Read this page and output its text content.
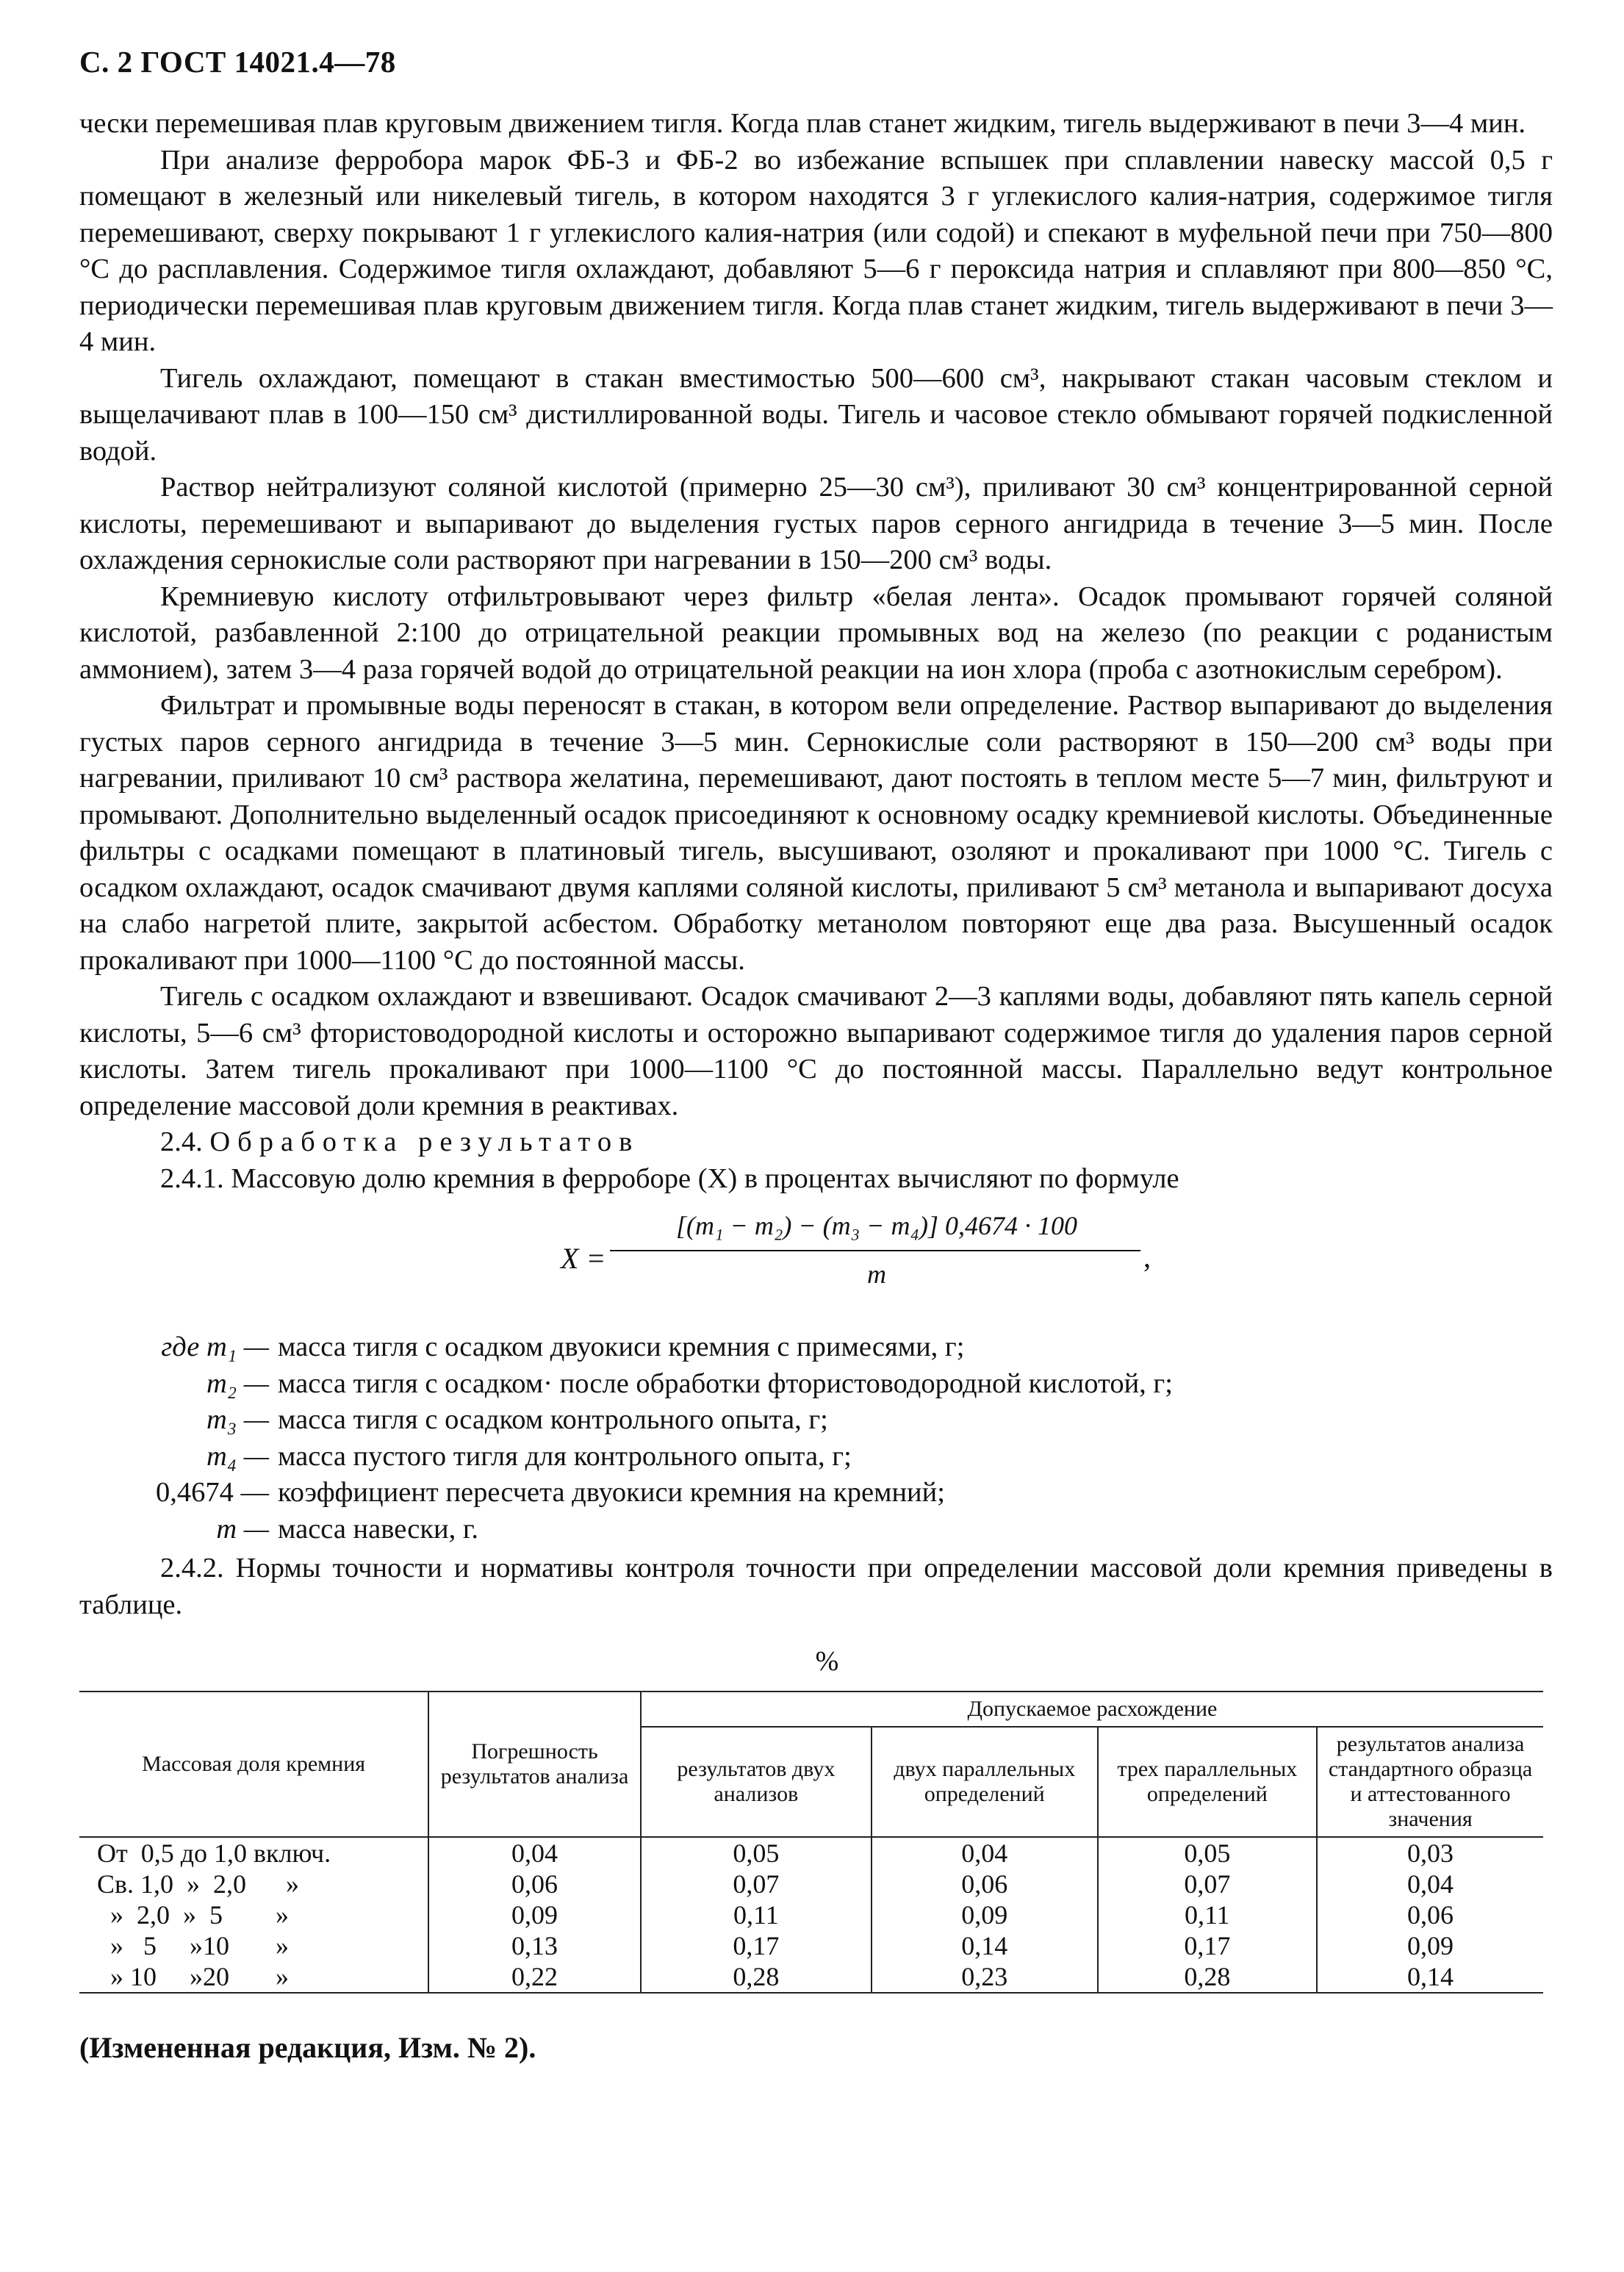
С. 2 ГОСТ 14021.4—78

чески перемешивая плав круговым движением тигля. Когда плав станет жидким, тигель выдерживают в печи 3—4 мин.

При анализе ферробора марок ФБ-3 и ФБ-2 во избежание вспышек при сплавлении навеску массой 0,5 г помещают в железный или никелевый тигель, в котором находятся 3 г углекислого калия-натрия, содержимое тигля перемешивают, сверху покрывают 1 г углекислого калия-натрия (или содой) и спекают в муфельной печи при 750—800 °С до расплавления. Содержимое тигля охлаждают, добавляют 5—6 г пероксида натрия и сплавляют при 800—850 °С, периодически перемешивая плав круговым движением тигля. Когда плав станет жидким, тигель выдерживают в печи 3—4 мин.

Тигель охлаждают, помещают в стакан вместимостью 500—600 см³, накрывают стакан часовым стеклом и выщелачивают плав в 100—150 см³ дистиллированной воды. Тигель и часовое стекло обмывают горячей подкисленной водой.

Раствор нейтрализуют соляной кислотой (примерно 25—30 см³), приливают 30 см³ концентрированной серной кислоты, перемешивают и выпаривают до выделения густых паров серного ангидрида в течение 3—5 мин. После охлаждения сернокислые соли растворяют при нагревании в 150—200 см³ воды.

Кремниевую кислоту отфильтровывают через фильтр «белая лента». Осадок промывают горячей соляной кислотой, разбавленной 2:100 до отрицательной реакции промывных вод на железо (по реакции с роданистым аммонием), затем 3—4 раза горячей водой до отрицательной реакции на ион хлора (проба с азотнокислым серебром).

Фильтрат и промывные воды переносят в стакан, в котором вели определение. Раствор выпаривают до выделения густых паров серного ангидрида в течение 3—5 мин. Сернокислые соли растворяют в 150—200 см³ воды при нагревании, приливают 10 см³ раствора желатина, перемешивают, дают постоять в теплом месте 5—7 мин, фильтруют и промывают. Дополнительно выделенный осадок присоединяют к основному осадку кремниевой кислоты. Объединенные фильтры с осадками помещают в платиновый тигель, высушивают, озоляют и прокаливают при 1000 °С. Тигель с осадком охлаждают, осадок смачивают двумя каплями соляной кислоты, приливают 5 см³ метанола и выпаривают досуха на слабо нагретой плите, закрытой асбестом. Обработку метанолом повторяют еще два раза. Высушенный осадок прокаливают при 1000—1100 °С до постоянной массы.

Тигель с осадком охлаждают и взвешивают. Осадок смачивают 2—3 каплями воды, добавляют пять капель серной кислоты, 5—6 см³ фтористоводородной кислоты и осторожно выпаривают содержимое тигля до удаления паров серной кислоты. Затем тигель прокаливают при 1000—1100 °С до постоянной массы. Параллельно ведут контрольное определение массовой доли кремния в реактивах.

2.4. Обработка результатов

2.4.1. Массовую долю кремния в ферроборе (X) в процентах вычисляют по формуле

X =
[(m₁ − m₂) − (m₃ − m₄)] 0,4674 · 100
m
,
где m₁ — масса тигля с осадком двуокиси кремния с примесями, г;
m₂ — масса тигля с осадком· после обработки фтористоводородной кислотой, г;
m₃ — масса тигля с осадком контрольного опыта, г;
m₄ — масса пустого тигля для контрольного опыта, г;
0,4674 — коэффициент пересчета двуокиси кремния на кремний;
m — масса навески, г.

2.4.2. Нормы точности и нормативы контроля точности при определении массовой доли кремния приведены в таблице.

%
Массовая доля кремния	Погрешность результатов анализа	Допускаемое расхождение			
		результатов двух анализов	двух параллельных определений	трех параллельных определений	результатов анализа стандартного образца и аттестованного значения
От  0,5 до 1,0 включ.	0,04	0,05	0,04	0,05	0,03
Св. 1,0  »  2,0      »	0,06	0,07	0,06	0,07	0,04
»  2,0  »  5        »	0,09	0,11	0,09	0,11	0,06
»   5     »10       »	0,13	0,17	0,14	0,17	0,09
» 10     »20       »	0,22	0,28	0,23	0,28	0,14
(Измененная редакция, Изм. № 2).
